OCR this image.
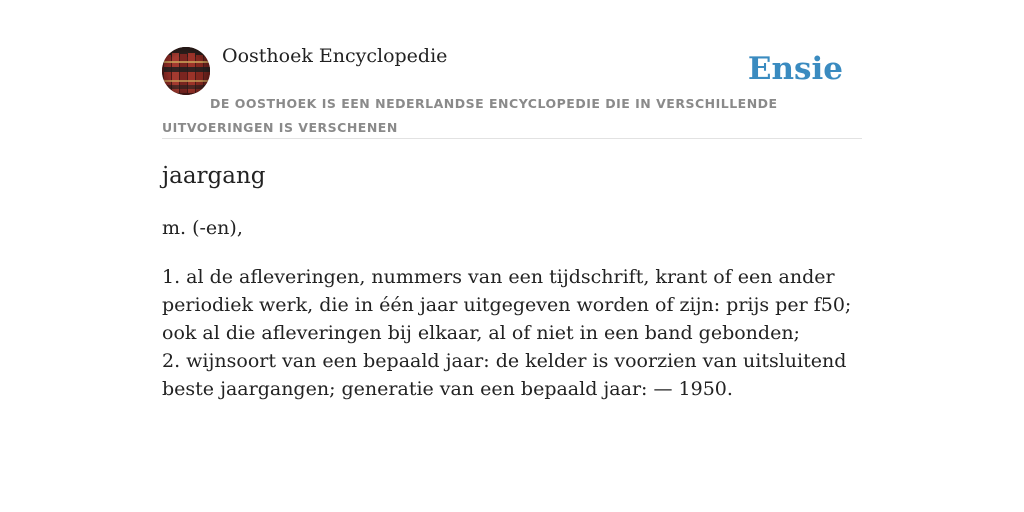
Oosthoek Encyclopedie	Ensie
DE OOSTHOEK IS EEN NEDERLANDSE ENCYCLOPEDIE DIE IN VERSCHILLENDE UITVOERINGEN IS VERSCHENEN
jaargang
m. (-en),

1. al de afleveringen, nummers van een tijdschrift, krant of een ander periodiek werk, die in één jaar uitgegeven worden of zijn: prijs per f50; ook al die afleveringen bij elkaar, al of niet in een band gebonden;

2. wijnsoort van een bepaald jaar: de kelder is voorzien van uitsluitend beste jaargangen; generatie van een bepaald jaar: — 1950.
